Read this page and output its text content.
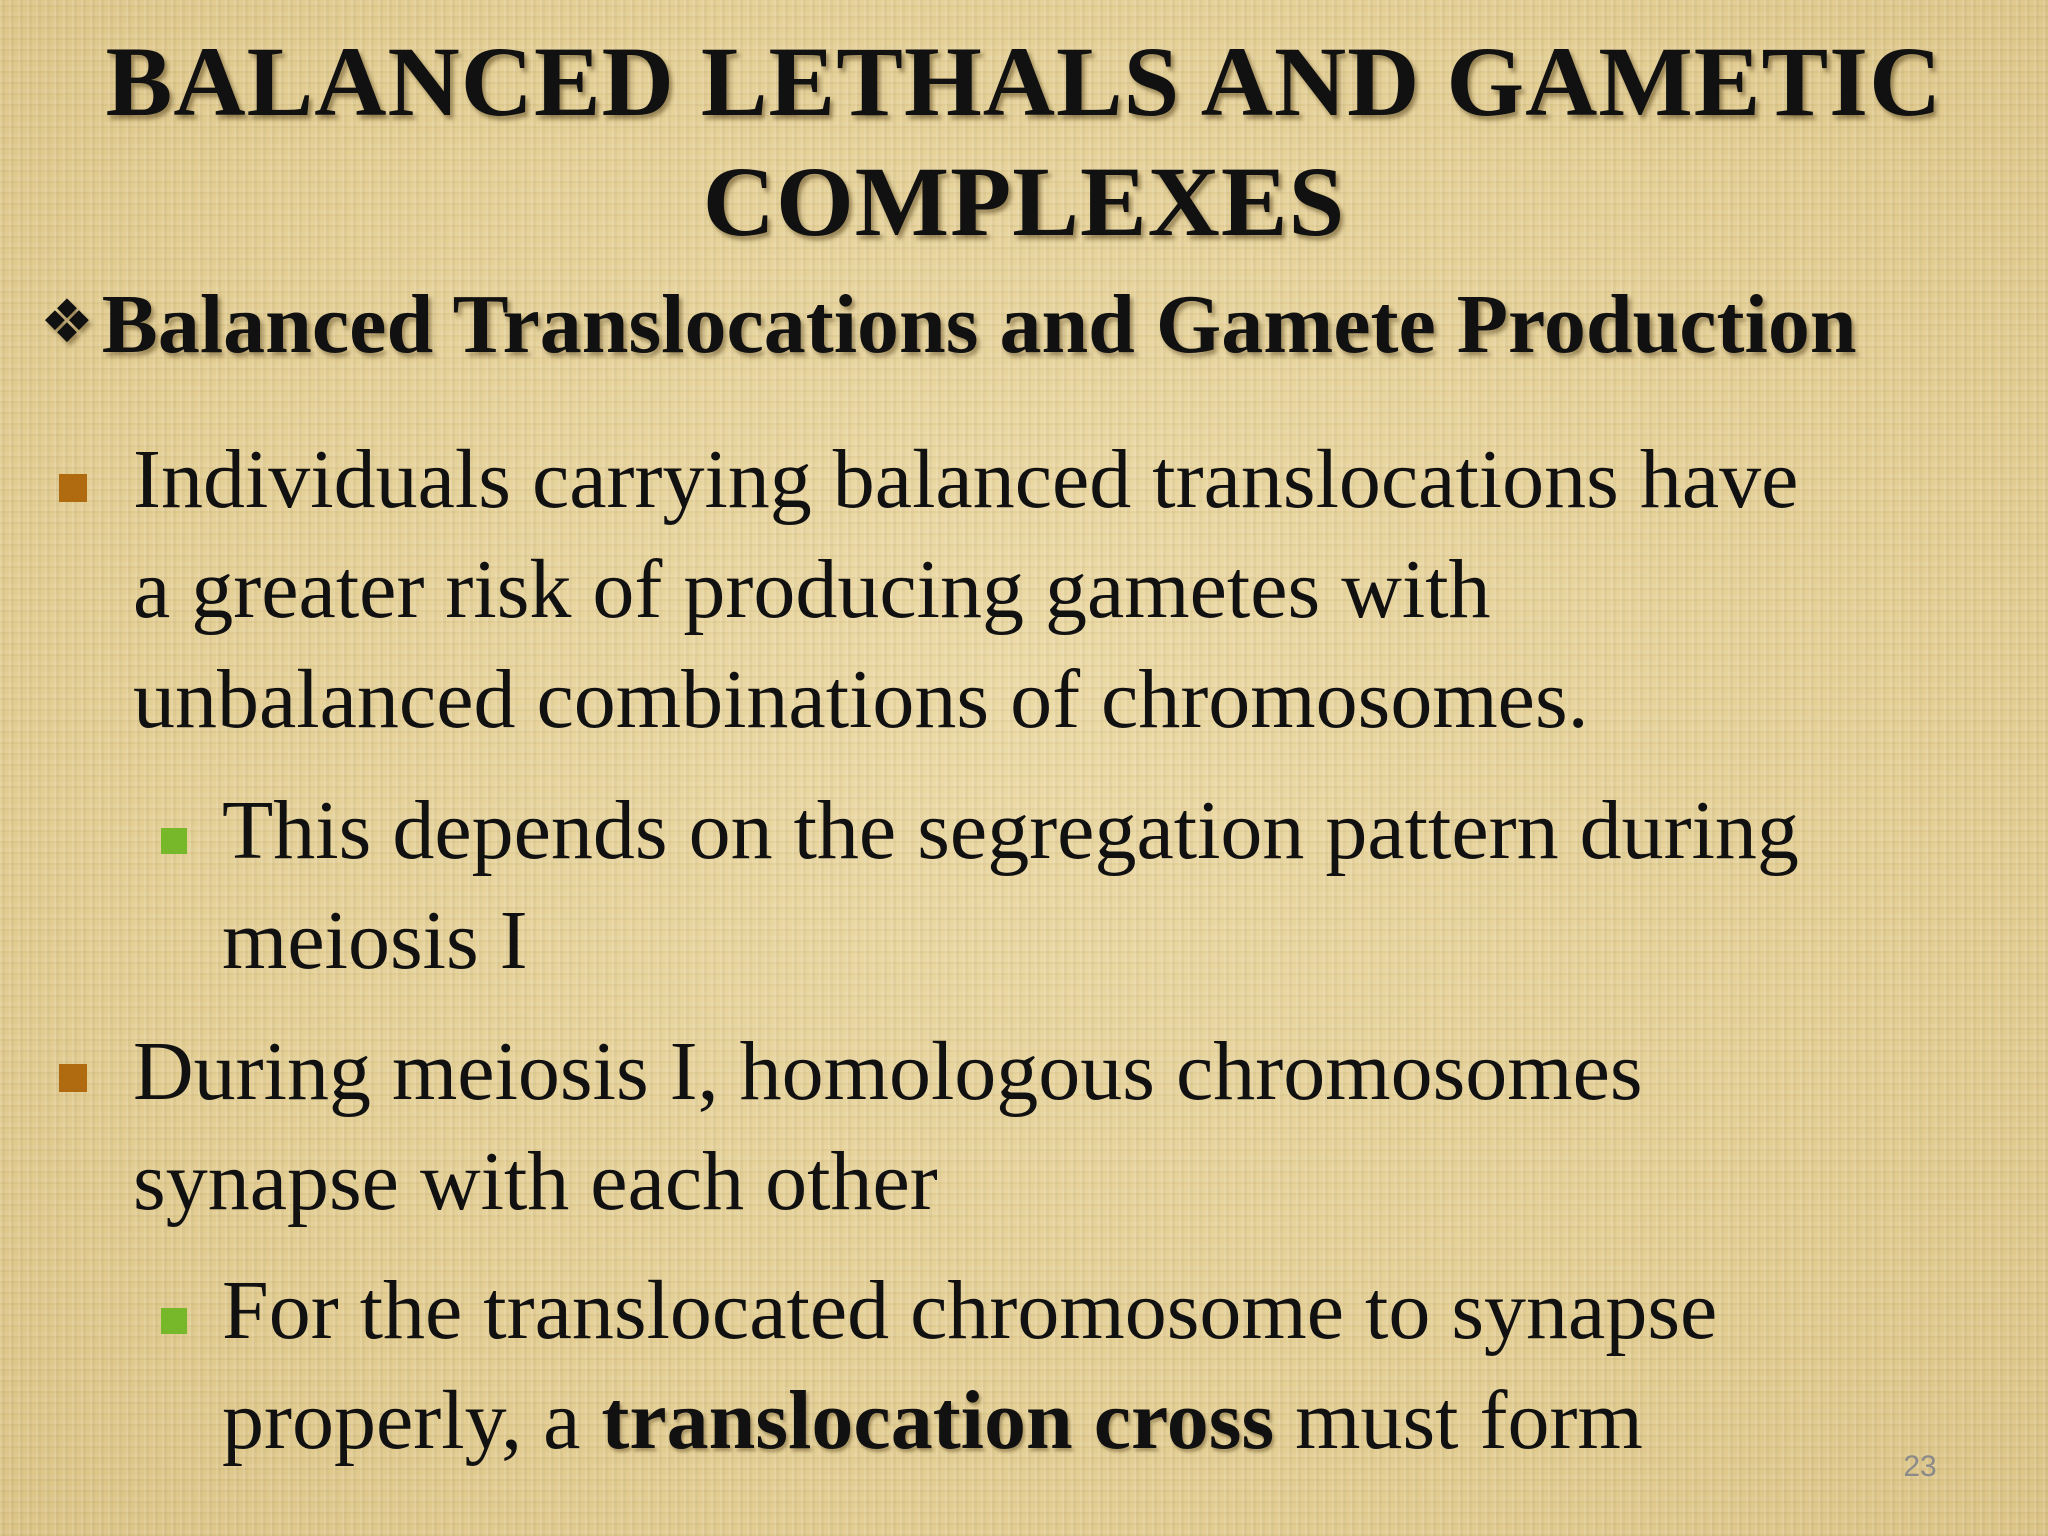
BALANCED LETHALS AND GAMETIC
COMPLEXES
❖Balanced Translocations and Gamete Production
Individuals carrying balanced translocations have
a greater risk of producing gametes with
unbalanced combinations of chromosomes.
This depends on the segregation pattern during
meiosis I
During meiosis I, homologous chromosomes
synapse with each other
For the translocated chromosome to synapse
properly, a translocation cross must form	23
